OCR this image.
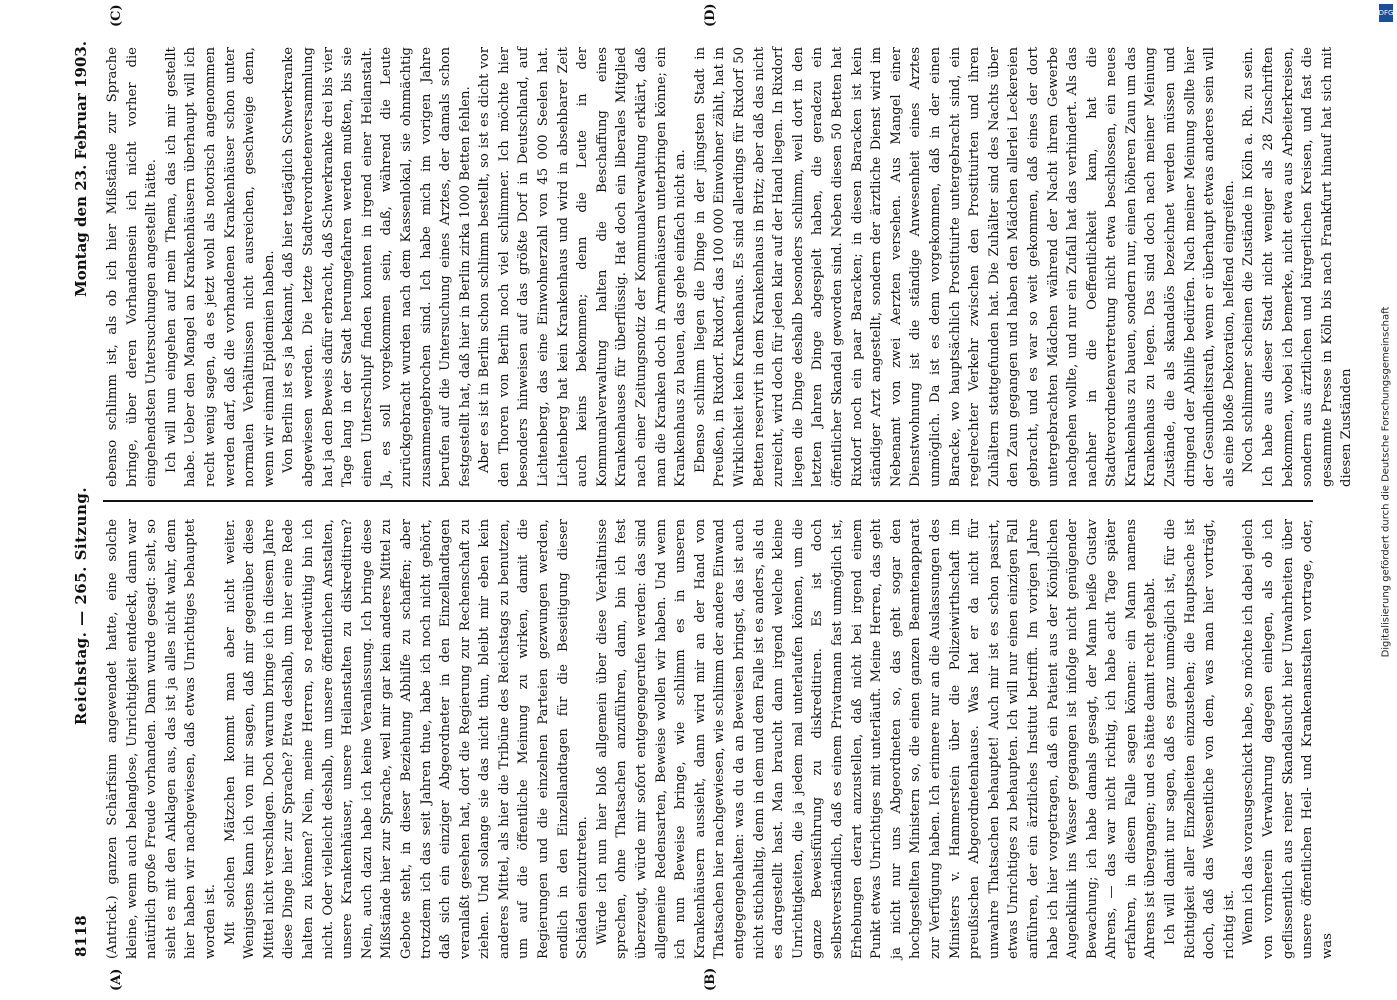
8118
Reichstag. — 265. Sitzung.
Montag den 23. Februar 1903.
(A)	(B)
(C)	(D)

(Antrick.) ganzen Schärfsinn angewendet hatte, eine solche kleine, wenn auch belanglose, Unrichtigkeit entdeckt, dann war natürlich große Freude vorhanden. Dann wurde gesagt: seht, so sieht es mit den Anklagen aus, das ist ja alles nicht wahr, denn hier haben wir nachgewiesen, daß etwas Unrichtiges behauptet worden ist. Mit solchen Mätzchen kommt man aber nicht weiter. Wenigstens kann ich von mir sagen, daß mir gegenüber diese Mittel nicht verschlagen. Doch warum bringe ich in diesem Jahre diese Dinge hier zur Sprache? Etwa deshalb, um hier eine Rede halten zu können? Nein, meine Herren, so redewüthig bin ich nicht. Oder vielleicht deshalb, um unsere öffentlichen Anstalten, unsere Krankenhäuser, unsere Heilanstalten zu diskreditiren? Nein, auch dazu habe ich keine Veranlassung. Ich bringe diese Mißstände hier zur Sprache, weil mir gar kein anderes Mittel zu Gebote steht, in dieser Beziehung Abhilfe zu schaffen; aber trotzdem ich das seit Jahren thue, habe ich noch nicht gehört, daß sich ein einziger Abgeordneter in den Einzellandtagen veranlaßt gesehen hat, dort die Regierung zur Rechenschaft zu ziehen. Und solange sie das nicht thun, bleibt mir eben kein anderes Mittel, als hier die Tribüne des Reichstags zu benutzen, um auf die öffentliche Meinung zu wirken, damit die Regierungen und die einzelnen Parteien gezwungen werden, endlich in den Einzellandtagen für die Beseitigung dieser Schäden einzutreten. Würde ich nun hier bloß allgemein über diese Verhältnisse sprechen, ohne Thatsachen anzuführen, dann, bin ich fest überzeugt, würde mir sofort entgegengerufen werden: das sind allgemeine Redensarten, Beweise wollen wir haben. Und wenn ich nun Beweise bringe, wie schlimm es in unseren Krankenhäusern aussieht, dann wird mir an der Hand von Thatsachen hier nachgewiesen, wie schlimm der andere Einwand entgegengehalten: was du da an Beweisen bringst, das ist auch nicht stichhaltig, denn in dem und dem Falle ist es anders, als du es dargestellt hast. Man braucht dann irgend welche kleine Unrichtigkeiten, die ja jedem mal unterlaufen können, um die ganze Beweisführung zu diskreditiren. Es ist doch selbstverständlich, daß es einem Privatmann fast unmöglich ist, Erhebungen derart anzustellen, daß nicht bei irgend einem Punkt etwas Unrichtiges mit unterläuft. Meine Herren, das geht ja nicht nur uns Abgeordneten so, das geht sogar den hochgestellten Ministern so, die einen ganzen Beamtenapparat zur Verfügung haben. Ich erinnere nur an die Auslassungen des Ministers v. Hammerstein über die Polizeiwirthschaft im preußischen Abgeordnetenhause. Was hat er da nicht für unwahre Thatsachen behauptet! Auch mir ist es schon passirt, etwas Unrichtiges zu behaupten. Ich will nur einen einzigen Fall anführen, der ein ärztliches Institut betrifft. Im vorigen Jahre habe ich hier vorgetragen, daß ein Patient aus der Königlichen Augenklinik ins Wasser gegangen ist infolge nicht genügender Bewachung; ich habe damals gesagt, der Mann heiße Gustav Ahrens, — das war nicht richtig, ich habe acht Tage später erfahren, in diesem Falle sagen können: ein Mann namens Ahrens ist übergangen; und es hätte damit recht gehabt. Ich will damit nur sagen, daß es ganz unmöglich ist, für die Richtigkeit aller Einzelheiten einzustehen; die Hauptsache ist doch, daß das Wesentliche von dem, was man hier vorträgt, richtig ist. Wenn ich das vorausgeschickt habe, so möchte ich dabei gleich von vornherein Verwahrung dagegen einlegen, als ob ich geflissentlich aus reiner Skandalsucht hier Unwahrheiten über unsere öffentlichen Heil- und Krankenanstalten vortrage, oder, was

ebenso schlimm ist, als ob ich hier Mißstände zur Sprache bringe, über deren Vorhandensein ich nicht vorher die eingehendsten Untersuchungen angestellt hätte. Ich will nun eingehen auf mein Thema, das ich mir gestellt habe. Ueber den Mangel an Krankenhäusern überhaupt will ich recht wenig sagen, da es jetzt wohl als notorisch angenommen werden darf, daß die vorhandenen Krankenhäuser schon unter normalen Verhältnissen nicht ausreichen, geschweige denn, wenn wir einmal Epidemien haben. Von Berlin ist es ja bekannt, daß hier tagtäglich Schwerkranke abgewiesen werden. Die letzte Stadtverordnetenversammlung hat ja den Beweis dafür erbracht, daß Schwerkranke drei bis vier Tage lang in der Stadt herumgefahren werden mußten, bis sie einen Unterschlupf finden konnten in irgend einer Heilanstalt. Ja, es soll vorgekommen sein, daß, während die Leute zurückgebracht wurden nach dem Kassenlokal, sie ohnmächtig zusammengebrochen sind. Ich habe mich im vorigen Jahre berufen auf die Untersuchung eines Arztes, der damals schon festgestellt hat, daß hier in Berlin zirka 1000 Betten fehlen. Aber es ist in Berlin schon schlimm bestellt, so ist es dicht vor den Thoren von Berlin noch viel schlimmer. Ich möchte hier besonders hinweisen auf das größte Dorf in Deutschland, auf Lichtenberg, das eine Einwohnerzahl von 45 000 Seelen hat. Lichtenberg hat kein Krankenhaus und wird in absehbarer Zeit auch keins bekommen; denn die Leute in der Kommunalverwaltung halten die Beschaffung eines Krankenhauses für überflüssig. Hat doch ein liberales Mitglied nach einer Zeitungsnotiz der Kommunalverwaltung erklärt, daß man die Kranken doch in Armenhäusern unterbringen könne; ein Krankenhaus zu bauen, das gehe einfach nicht an. Ebenso schlimm liegen die Dinge in der jüngsten Stadt in Preußen, in Rixdorf. Rixdorf, das 100 000 Einwohner zählt, hat in Wirklichkeit kein Krankenhaus. Es sind allerdings für Rixdorf 50 Betten reservirt in dem Krankenhaus in Britz; aber daß das nicht zureicht, wird doch für jeden klar auf der Hand liegen. In Rixdorf liegen die Dinge deshalb besonders schlimm, weil dort in den letzten Jahren Dinge abgespielt haben, die geradezu ein öffentlicher Skandal geworden sind. Neben diesen 50 Betten hat Rixdorf noch ein paar Baracken; in diesen Baracken ist kein ständiger Arzt angestellt, sondern der ärztliche Dienst wird im Nebenamt von zwei Aerzten versehen. Aus Mangel einer Dienstwohnung ist die ständige Anwesenheit eines Arztes unmöglich. Da ist es denn vorgekommen, daß in der einen Baracke, wo hauptsächlich Prostituirte untergebracht sind, ein regelrechter Verkehr zwischen den Prostituirten und ihren Zuhältern stattgefunden hat. Die Zuhälter sind des Nachts über den Zaun gegangen und haben den Mädchen allerlei Leckereien gebracht, und es war so weit gekommen, daß eines der dort untergebrachten Mädchen während der Nacht ihrem Gewerbe nachgehen wollte, und nur ein Zufall hat das verhindert. Als das nachher in die Oeffentlichkeit kam, hat die Stadtverordnetenvertretung nicht etwa beschlossen, ein neues Krankenhaus zu bauen, sondern nur, einen höheren Zaun um das Krankenhaus zu legen. Das sind doch nach meiner Meinung Zustände, die als skandalös bezeichnet werden müssen und dringend der Abhilfe bedürfen. Nach meiner Meinung sollte hier der Gesundheitsrath, wenn er überhaupt etwas anderes sein will als eine bloße Dekoration, helfend eingreifen. Noch schlimmer scheinen die Zustände in Köln a. Rh. zu sein. Ich habe aus dieser Stadt nicht weniger als 28 Zuschriften bekommen, wobei ich bemerke, nicht etwa aus Arbeiterkreisen, sondern aus ärztlichen und bürgerlichen Kreisen, und fast die gesammte Presse in Köln bis nach Frankfurt hinauf hat sich mit diesen Zuständen

DFG
Digitalisierung gefördert durch die Deutsche Forschungsgemeinschaft
